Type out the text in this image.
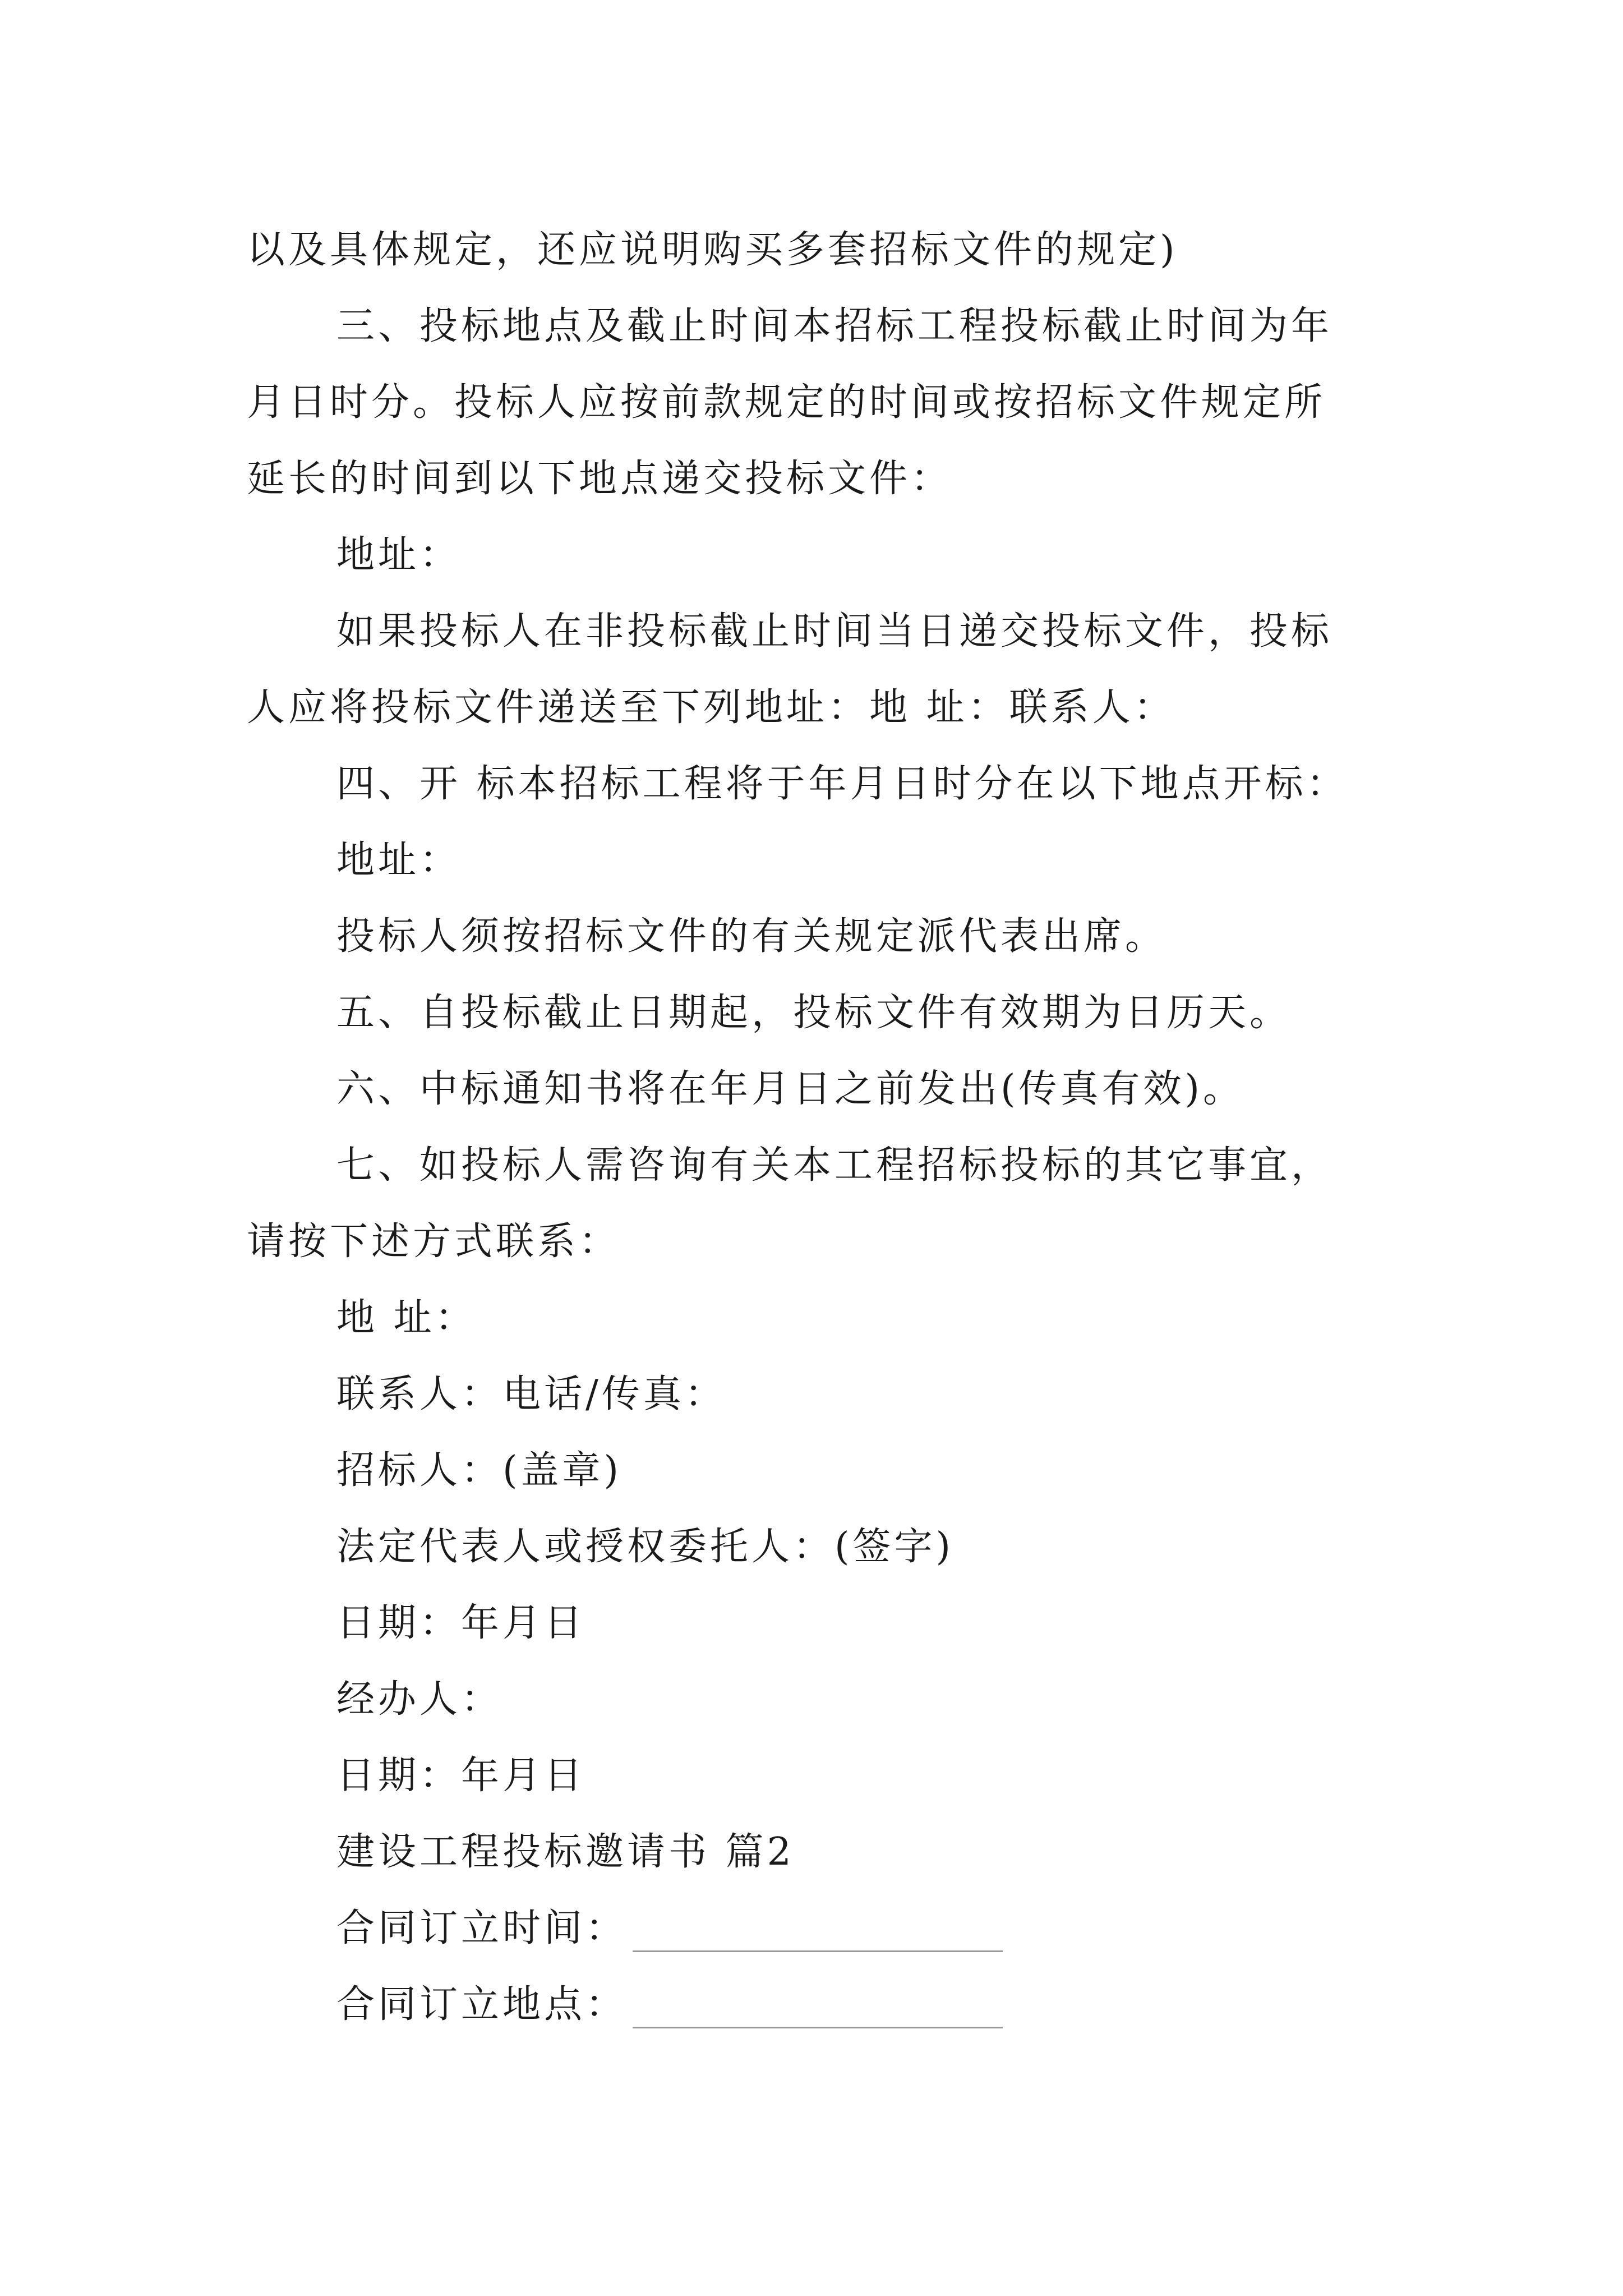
以及具体规定，还应说明购买多套招标文件的规定)
三、投标地点及截止时间本招标工程投标截止时间为年
月日时分。投标人应按前款规定的时间或按招标文件规定所
延长的时间到以下地点递交投标文件：
地址：
如果投标人在非投标截止时间当日递交投标文件，投标
人应将投标文件递送至下列地址：地 址：联系人：
四、开 标本招标工程将于年月日时分在以下地点开标：
地址：
投标人须按招标文件的有关规定派代表出席。
五、自投标截止日期起，投标文件有效期为日历天。
六、中标通知书将在年月日之前发出(传真有效)。
七、如投标人需咨询有关本工程招标投标的其它事宜，
请按下述方式联系：
地 址：
联系人：电话/传真：
招标人：(盖章)
法定代表人或授权委托人：(签字)
日期：年月日
经办人：
日期：年月日
建设工程投标邀请书 篇2
合同订立时间：
合同订立地点：
